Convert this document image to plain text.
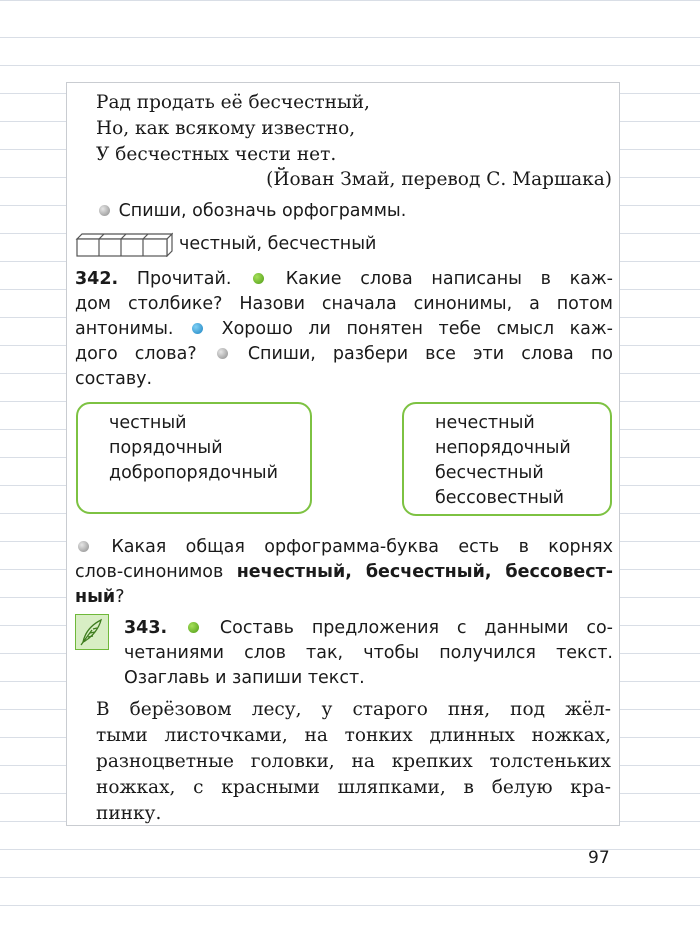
Рад продать её бесчестный,
Но, как всякому известно,
У бесчестных чести нет.
(Йован Змай, перевод С. Маршака)
Спиши, обозначь орфограммы.
честный, бесчестный
342. Прочитай.	Какие слова написаны в каж-
дом столбике? Назови сначала синонимы, а потом
антонимы.	Хорошо ли понятен тебе смысл каж-
дого слова?	Спиши, разбери все эти слова по
составу.
честный
порядочный
добропорядочный
нечестный
непорядочный
бесчестный
бессовестный
Какая общая орфограмма-буква есть в корнях
слов-синонимов нечестный, бесчестный, бессовест-
ный?
343.	Составь предложения с данными со-
четаниями слов так, чтобы получился текст.
Озаглавь и запиши текст.
В берёзовом лесу, у старого пня, под жёл-
тыми листочками, на тонких длинных ножках,
разноцветные головки, на крепких толстеньких
ножках, с красными шляпками, в белую кра-
пинку.
97
